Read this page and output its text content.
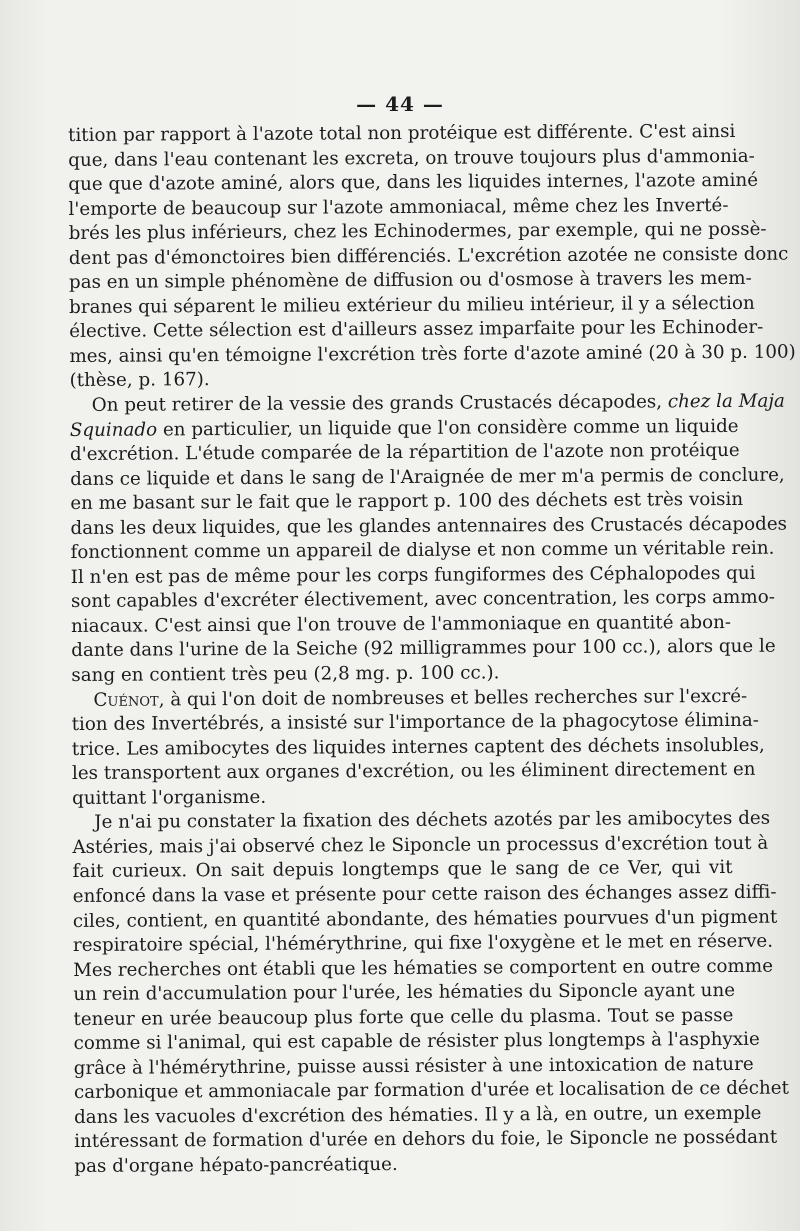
— 44 —
tition par rapport à l'azote total non protéique est différente. C'est ainsi
que, dans l'eau contenant les excreta, on trouve toujours plus d'ammonia-
que que d'azote aminé, alors que, dans les liquides internes, l'azote aminé
l'emporte de beaucoup sur l'azote ammoniacal, même chez les Inverté-
brés les plus inférieurs, chez les Echinodermes, par exemple, qui ne possè-
dent pas d'émonctoires bien différenciés. L'excrétion azotée ne consiste donc
pas en un simple phénomène de diffusion ou d'osmose à travers les mem-
branes qui séparent le milieu extérieur du milieu intérieur, il y a sélection
élective. Cette sélection est d'ailleurs assez imparfaite pour les Echinoder-
mes, ainsi qu'en témoigne l'excrétion très forte d'azote aminé (20 à 30 p. 100)
(thèse, p. 167).
On peut retirer de la vessie des grands Crustacés décapodes, chez la Maja
Squinado en particulier, un liquide que l'on considère comme un liquide
d'excrétion. L'étude comparée de la répartition de l'azote non protéique
dans ce liquide et dans le sang de l'Araignée de mer m'a permis de conclure,
en me basant sur le fait que le rapport p. 100 des déchets est très voisin
dans les deux liquides, que les glandes antennaires des Crustacés décapodes
fonctionnent comme un appareil de dialyse et non comme un véritable rein.
Il n'en est pas de même pour les corps fungiformes des Céphalopodes qui
sont capables d'excréter électivement, avec concentration, les corps ammo-
niacaux. C'est ainsi que l'on trouve de l'ammoniaque en quantité abon-
dante dans l'urine de la Seiche (92 milligrammes pour 100 cc.), alors que le
sang en contient très peu (2,8 mg. p. 100 cc.).
Cuénot, à qui l'on doit de nombreuses et belles recherches sur l'excré-
tion des Invertébrés, a insisté sur l'importance de la phagocytose élimina-
trice. Les amibocytes des liquides internes captent des déchets insolubles,
les transportent aux organes d'excrétion, ou les éliminent directement en
quittant l'organisme.
Je n'ai pu constater la fixation des déchets azotés par les amibocytes des
Astéries, mais j'ai observé chez le Siponcle un processus d'excrétion tout à
fait curieux. On sait depuis longtemps que le sang de ce Ver, qui vit
enfoncé dans la vase et présente pour cette raison des échanges assez diffi-
ciles, contient, en quantité abondante, des hématies pourvues d'un pigment
respiratoire spécial, l'hémérythrine, qui fixe l'oxygène et le met en réserve.
Mes recherches ont établi que les hématies se comportent en outre comme
un rein d'accumulation pour l'urée, les hématies du Siponcle ayant une
teneur en urée beaucoup plus forte que celle du plasma. Tout se passe
comme si l'animal, qui est capable de résister plus longtemps à l'asphyxie
grâce à l'hémérythrine, puisse aussi résister à une intoxication de nature
carbonique et ammoniacale par formation d'urée et localisation de ce déchet
dans les vacuoles d'excrétion des hématies. Il y a là, en outre, un exemple
intéressant de formation d'urée en dehors du foie, le Siponcle ne possédant
pas d'organe hépato-pancréatique.
